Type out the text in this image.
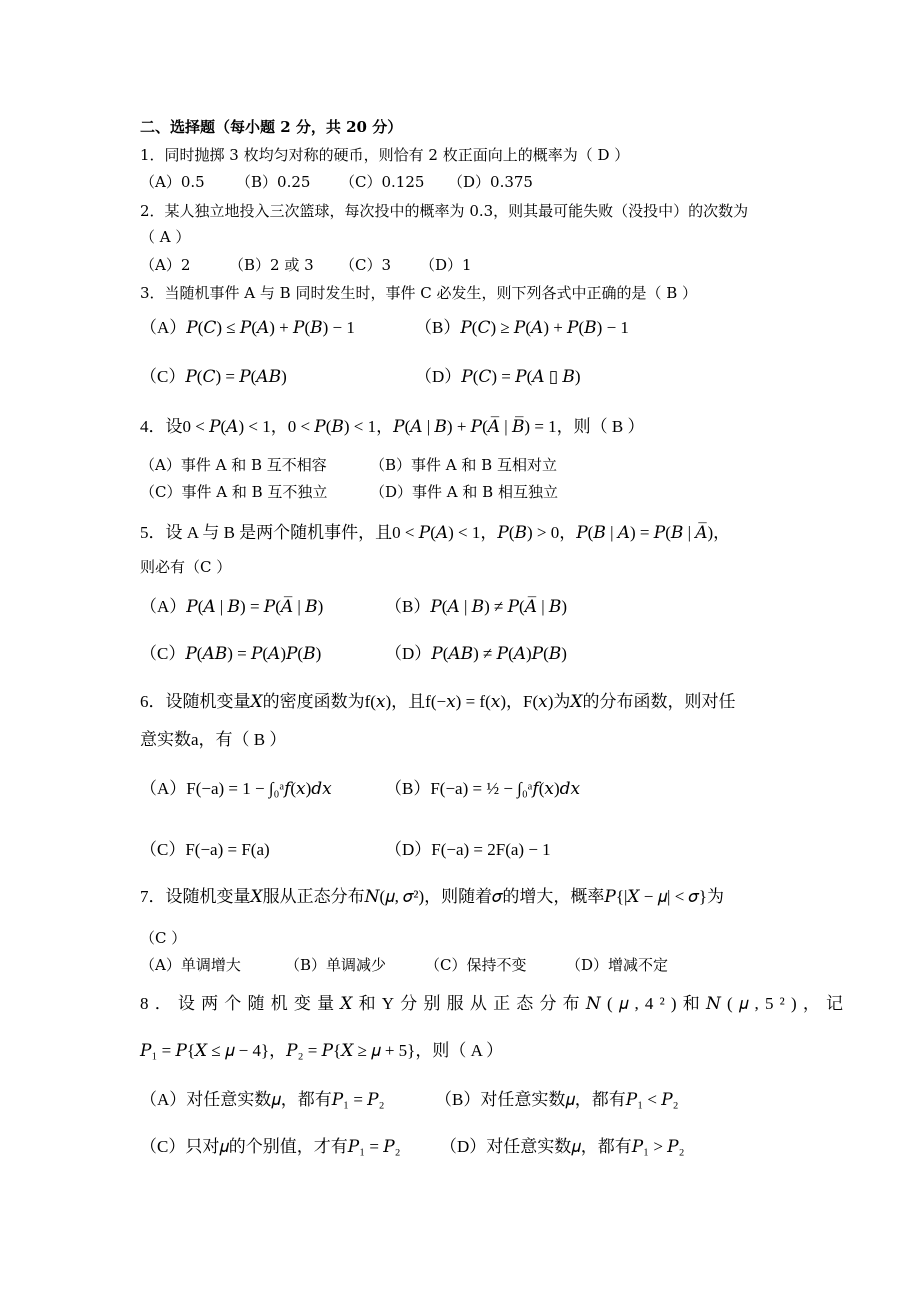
二、选择题（每小题 2 分，共 20 分）
1．同时抛掷 3 枚均匀对称的硬币，则恰有 2 枚正面向上的概率为（ D ）
（A）0.5 （B）0.25 （C）0.125 （D）0.375
2．某人独立地投入三次篮球，每次投中的概率为 0.3，则其最可能失败（没投中）的次数为
（ A ）
（A）2	（B）2 或 3 （C）3 （D）1
3．当随机事件 A 与 B 同时发生时，事件 C 必发生，则下列各式中正确的是（ B ）
（A）𝑃(𝐶) ≤ 𝑃(𝐴) + 𝑃(𝐵) − 1	（B）𝑃(𝐶) ≥ 𝑃(𝐴) + 𝑃(𝐵) − 1
（C）𝑃(𝐶) = 𝑃(𝐴𝐵)	（D）𝑃(𝐶) = 𝑃(𝐴 ▯ 𝐵)
4．设0 < 𝑃(𝐴) < 1，0 < 𝑃(𝐵) < 1，𝑃(𝐴 | 𝐵) + 𝑃(𝐴̅ | 𝐵̅) = 1，则（ B ）
（A）事件 A 和 B 互不相容	（B）事件 A 和 B 互相对立
（C）事件 A 和 B 互不独立	（D）事件 A 和 B 相互独立
5．设 A 与 B 是两个随机事件，且0 < 𝑃(𝐴) < 1，𝑃(𝐵) > 0，𝑃(𝐵 | 𝐴) = 𝑃(𝐵 | 𝐴̅)，
则必有（C ）
（A）𝑃(𝐴 | 𝐵) = 𝑃(𝐴̅ | 𝐵)	（B）𝑃(𝐴 | 𝐵) ≠ 𝑃(𝐴̅ | 𝐵)
（C）𝑃(𝐴𝐵) = 𝑃(𝐴)𝑃(𝐵)	（D）𝑃(𝐴𝐵) ≠ 𝑃(𝐴)𝑃(𝐵)
6．设随机变量𝑋的密度函数为f(𝑥)，且f(−𝑥) = f(𝑥)，F(𝑥)为𝑋的分布函数，则对任
意实数a，有（ B ）
（A）F(−a) = 1 − ∫₀ᵃ𝑓(𝑥)𝑑𝑥	（B）F(−a) = ½ − ∫₀ᵃ𝑓(𝑥)𝑑𝑥
（C）F(−a) = F(a)	（D）F(−a) = 2F(a) − 1
7．设随机变量𝑋服从正态分布𝑁(𝜇, 𝜎²)，则随着𝜎的增大，概率𝑃{|𝑋 − 𝜇| < 𝜎}为
（C ）
（A）单调增大	（B）单调减少	（C）保持不变	（D）增减不定
8．设两个随机变量𝑋和Y分别服从正态分布𝑁(𝜇,4²)和𝑁(𝜇,5²)，记
𝑃₁ = 𝑃{𝑋 ≤ 𝜇 − 4}，𝑃₂ = 𝑃{𝑋 ≥ 𝜇 + 5}，则（ A ）
（A）对任意实数𝜇，都有𝑃₁ = 𝑃₂	（B）对任意实数𝜇，都有𝑃₁ < 𝑃₂
（C）只对𝜇的个别值，才有𝑃₁ = 𝑃₂ （D）对任意实数𝜇，都有𝑃₁ > 𝑃₂
